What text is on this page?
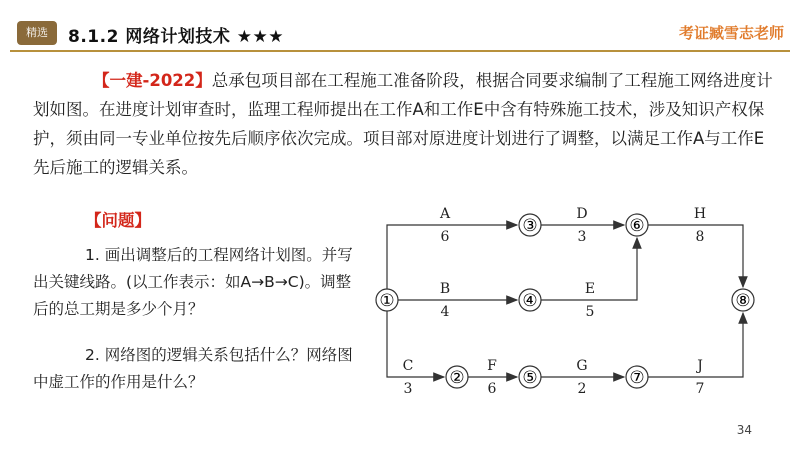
精选	8.1.2 网络计划技术 ★★★	考证臧雪志老师
【一建-2022】总承包项目部在工程施工准备阶段，根据合同要求编制了工程施工网络进度计划如图。在进度计划审查时，监理工程师提出在工作A和工作E中含有特殊施工技术，涉及知识产权保护，须由同一专业单位按先后顺序依次完成。项目部对原进度计划进行了调整，以满足工作A与工作E先后施工的逻辑关系。
【问题】
1. 画出调整后的工程网络计划图。并写出关键线路。(以工作表示：如A→B→C)。调整后的总工期是多少个月？
2. 网络图的逻辑关系包括什么？网络图中虚工作的作用是什么？
①
②
③
④
⑤
⑥
⑦
⑧
A
6
B
4
C
3
D
3
E
5
F
6
G
2
H
8
J
7
34
